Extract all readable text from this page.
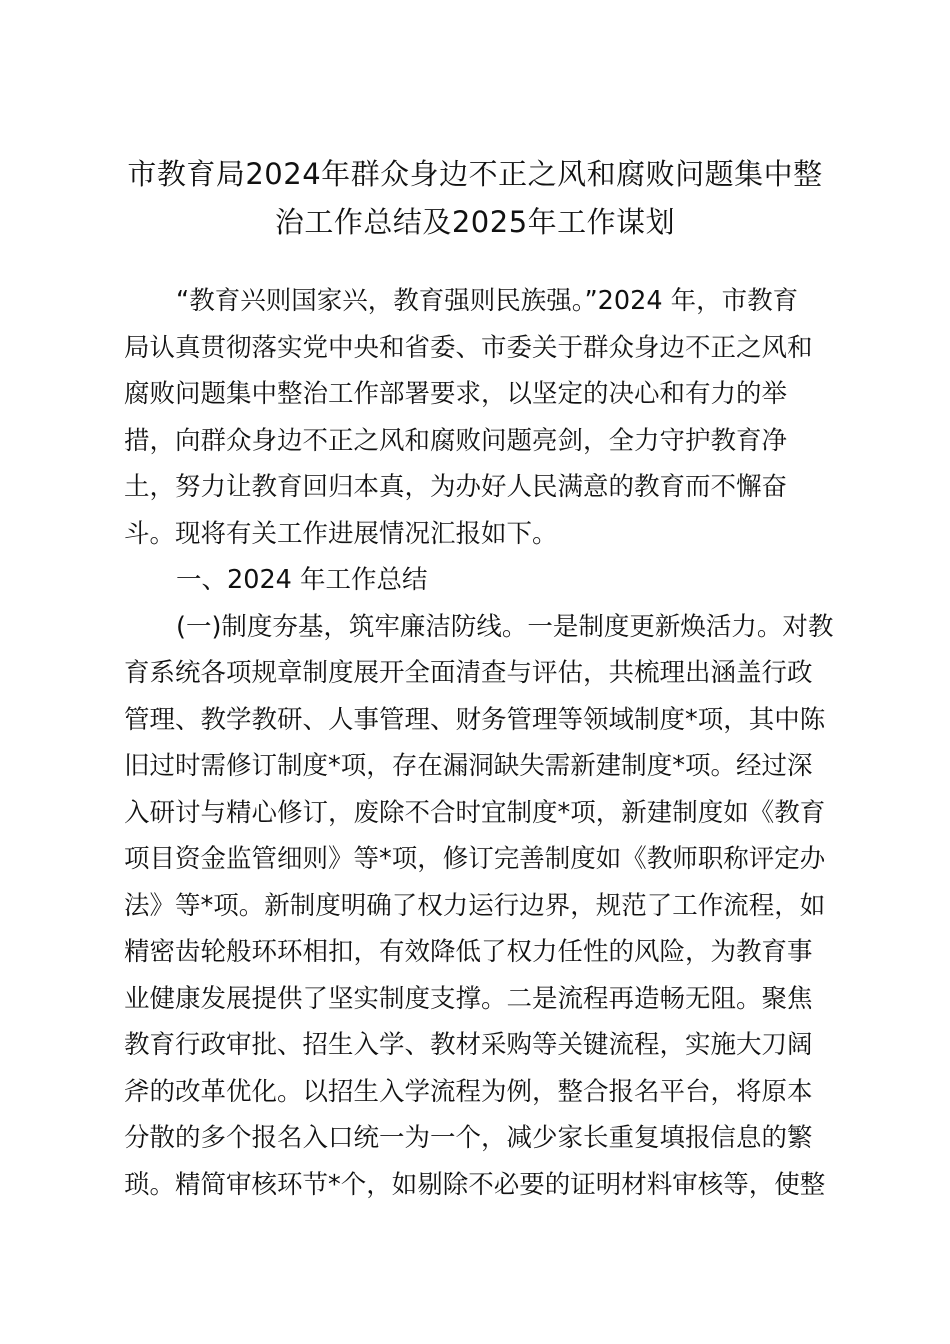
市教育局2024年群众身边不正之风和腐败问题集中整
治工作总结及2025年工作谋划

“教育兴则国家兴，教育强则民族强。”2024 年，市教育
局认真贯彻落实党中央和省委、市委关于群众身边不正之风和
腐败问题集中整治工作部署要求，以坚定的决心和有力的举
措，向群众身边不正之风和腐败问题亮剑，全力守护教育净
土，努力让教育回归本真，为办好人民满意的教育而不懈奋
斗。现将有关工作进展情况汇报如下。

一、2024 年工作总结

(一)制度夯基，筑牢廉洁防线。一是制度更新焕活力。对教
育系统各项规章制度展开全面清查与评估，共梳理出涵盖行政
管理、教学教研、人事管理、财务管理等领域制度*项，其中陈
旧过时需修订制度*项，存在漏洞缺失需新建制度*项。经过深
入研讨与精心修订，废除不合时宜制度*项，新建制度如《教育
项目资金监管细则》等*项，修订完善制度如《教师职称评定办
法》等*项。新制度明确了权力运行边界，规范了工作流程，如
精密齿轮般环环相扣，有效降低了权力任性的风险，为教育事
业健康发展提供了坚实制度支撑。二是流程再造畅无阻。聚焦
教育行政审批、招生入学、教材采购等关键流程，实施大刀阔
斧的改革优化。以招生入学流程为例，整合报名平台，将原本
分散的多个报名入口统一为一个，减少家长重复填报信息的繁
琐。精简审核环节*个，如剔除不必要的证明材料审核等，使整
